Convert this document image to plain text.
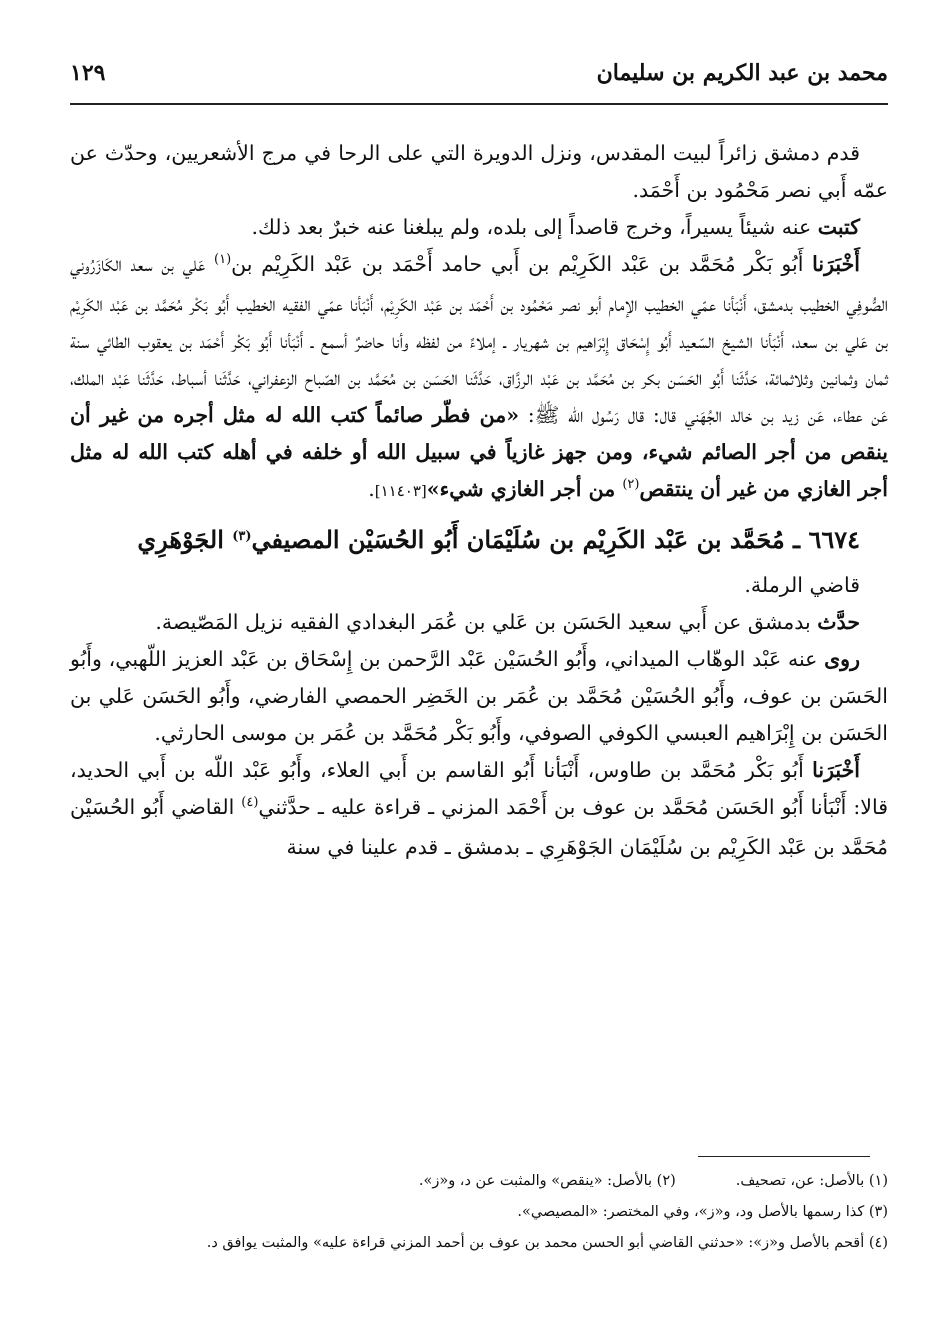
محمد بن عبد الكريم بن سليمان
١٢٩

قدم دمشق زائراً لبيت المقدس، ونزل الدويرة التي على الرحا في مرج الأشعريين، وحدّث عن عمّه أَبي نصر مَحْمُود بن أَحْمَد.

كتبت عنه شيئاً يسيراً، وخرج قاصداً إلى بلده، ولم يبلغنا عنه خبرٌ بعد ذلك.

أَخْبَرَنا أَبُو بَكْر مُحَمَّد بن عَبْد الكَرِيْم بن أَبي حامد أَحْمَد بن عَبْد الكَرِيْم بن$^{(١)}$ عَلي بن سعد الكَازَرُوني الصُّوفِي الخطيب بدمشق، أَنْبَأنا عمّي الخطيب الإمام أبو نصر مَحْمُود بن أَحْمَد بن عَبْد الكَرِيْم، أَنْبَأنا عمّي الفقيه الخطيب أَبُو بَكْر مُحَمَّد بن عَبْد الكَرِيْم بن عَلي بن سعد، أَنْبَأنا الشيخ السّعيد أَبُو إِسْحَاق إِبْرَاهيم بن شهريار ـ إملاءً من لفظه وأنا حاضرٌ أسمع ـ أَنْبَأنا أَبُو بَكْر أَحْمَد بن يعقوب الطائي سنة ثمان وثمانين وثلاثمائة، حَدَّثَنا أَبُو الحَسَن بكر بن مُحَمَّد بن عَبْد الرزَّاق، حَدَّثَنا الحَسَن بن مُحَمَّد بن الصّباح الزعفراني، حَدَّثَنا أسباط، حَدَّثَنا عَبْد الملك، عَن عطاء، عَن زيد بن خالد الجُهَني قال: قال رَسُول الله ﷺ: «من فطّر صائماً كتب الله له مثل أجره من غير أن ينقص من أجر الصائم شيء، ومن جهز غازياً في سبيل الله أو خلفه في أهله كتب الله له مثل أجر الغازي من غير أن ينتقص$^{(٢)}$ من أجر الغازي شيء»[١١٤٠٣].

٦٦٧٤ ـ مُحَمَّد بن عَبْد الكَرِيْم بن سُلَيْمَان أَبُو الحُسَيْن المصيفي$^{(٣)}$ الجَوْهَرِي

قاضي الرملة.

حدَّث بدمشق عن أَبي سعيد الحَسَن بن عَلي بن عُمَر البغدادي الفقيه نزيل المَصّيصة.

روى عنه عَبْد الوهّاب الميداني، وأَبُو الحُسَيْن عَبْد الرَّحمن بن إِسْحَاق بن عَبْد العزيز اللّهبي، وأَبُو الحَسَن بن عوف، وأَبُو الحُسَيْن مُحَمَّد بن عُمَر بن الخَضِر الحمصي الفارضي، وأَبُو الحَسَن عَلي بن الحَسَن بن إِبْرَاهيم العبسي الكوفي الصوفي، وأَبُو بَكْر مُحَمَّد بن عُمَر بن موسى الحارثي.

أَخْبَرَنا أَبُو بَكْر مُحَمَّد بن طاوس، أَنْبَأنا أَبُو القاسم بن أَبي العلاء، وأَبُو عَبْد اللّه بن أَبي الحديد، قالا: أَنْبَأنا أَبُو الحَسَن مُحَمَّد بن عوف بن أَحْمَد المزني ـ قراءة عليه ـ حدَّثني$^{(٤)}$ القاضي أَبُو الحُسَيْن مُحَمَّد بن عَبْد الكَرِيْم بن سُلَيْمَان الجَوْهَرِي ـ بدمشق ـ قدم علينا في سنة

(١) بالأصل: عن، تصحيف.

(٢) بالأصل: «ينقص» والمثبت عن د، و«ز».

(٣) كذا رسمها بالأصل ود، و«ز»، وفي المختصر: «المصيصي».

(٤) أقحم بالأصل و«ز»: «حدثني القاضي أبو الحسن محمد بن عوف بن أحمد المزني قراءة عليه» والمثبت يوافق د.
